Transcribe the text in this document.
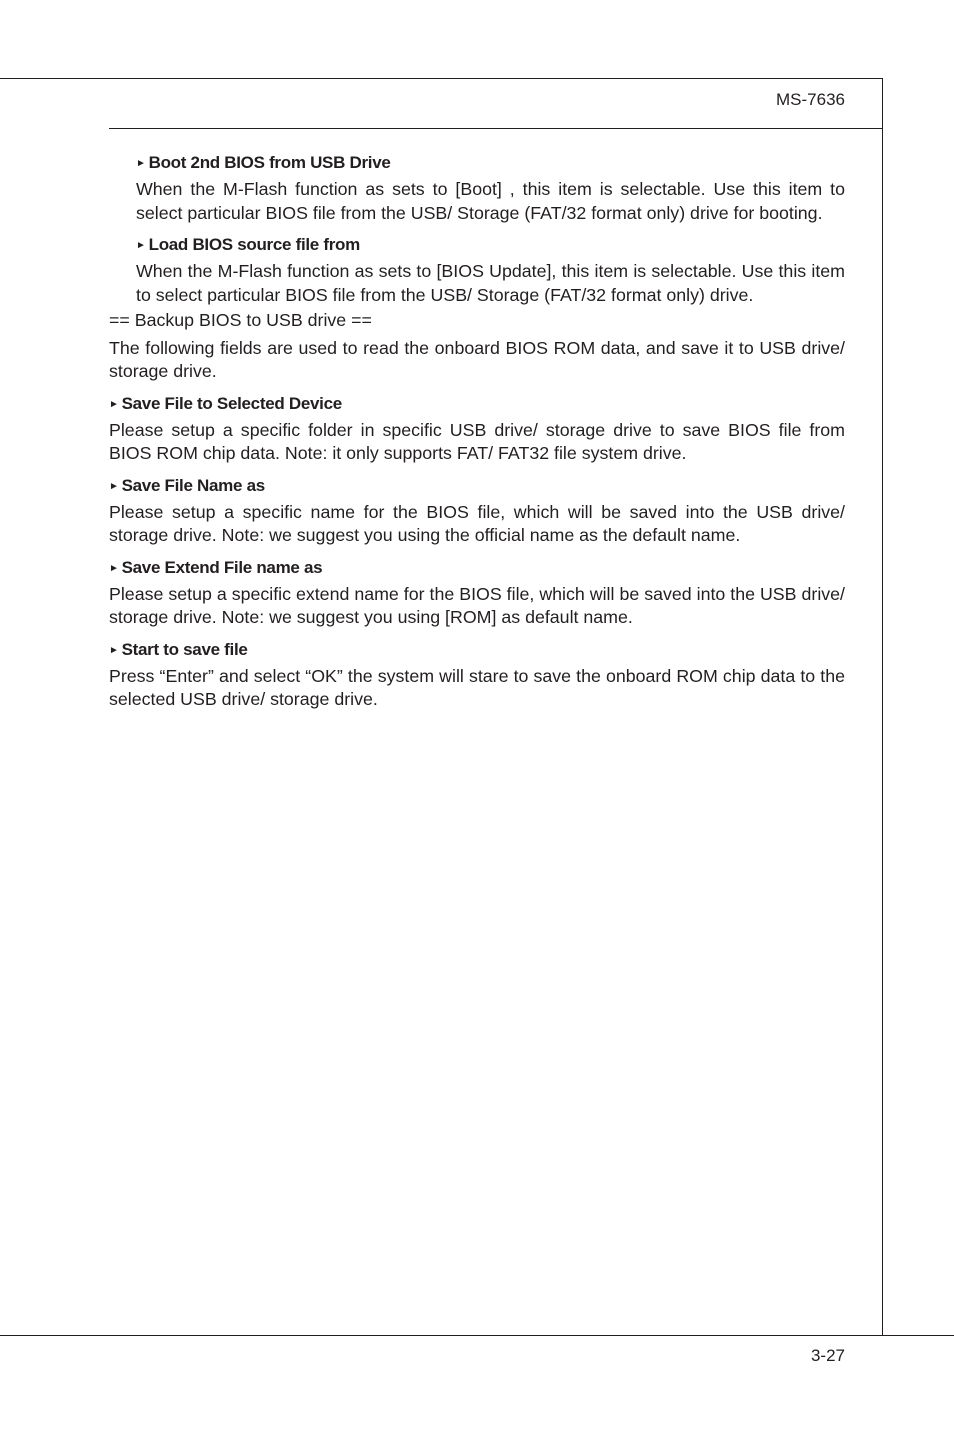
MS-7636
► Boot 2nd BIOS from USB Drive

When the M-Flash function as sets to [Boot] , this item is selectable. Use this item to select particular BIOS file from the USB/ Storage (FAT/32 format only) drive for booting.

► Load BIOS source file from

When the M-Flash function as sets to [BIOS Update], this item is selectable. Use this item to select particular BIOS file from the USB/ Storage (FAT/32 format only) drive.

== Backup BIOS to USB drive ==

The following fields are used to read the onboard BIOS ROM data, and save it to USB drive/ storage drive.

► Save File to Selected Device

Please setup a specific folder in specific USB drive/ storage drive to save BIOS file from BIOS ROM chip data. Note: it only supports FAT/ FAT32 file system drive.

► Save File Name as

Please setup a specific name for the BIOS file, which will be saved into the USB drive/ storage drive. Note: we suggest you using the official name as the default name.

► Save Extend File name as

Please setup a specific extend name for the BIOS file, which will be saved into the USB drive/ storage drive. Note: we suggest you using [ROM] as default name.

► Start to save file

Press “Enter” and select “OK” the system will stare to save the onboard ROM chip data to the selected USB drive/ storage drive.

3-27
